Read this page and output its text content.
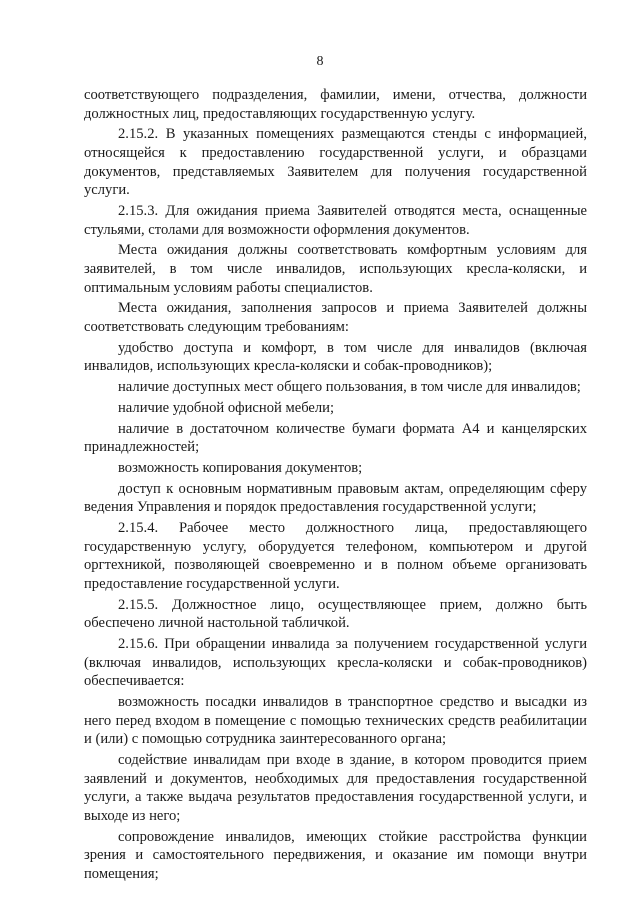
8

соответствующего подразделения, фамилии, имени, отчества, должности должностных лиц, предоставляющих государственную услугу.

2.15.2. В указанных помещениях размещаются стенды с информацией, относящейся к предоставлению государственной услуги, и образцами документов, представляемых Заявителем для получения государственной услуги.

2.15.3. Для ожидания приема Заявителей отводятся места, оснащенные стульями, столами для возможности оформления документов.

Места ожидания должны соответствовать комфортным условиям для заявителей, в том числе инвалидов, использующих кресла-коляски, и оптимальным условиям работы специалистов.

Места ожидания, заполнения запросов и приема Заявителей должны соответствовать следующим требованиям:

удобство доступа и комфорт, в том числе для инвалидов (включая инвалидов, использующих кресла-коляски и собак-проводников);

наличие доступных мест общего пользования, в том числе для инвалидов;

наличие удобной офисной мебели;

наличие в достаточном количестве бумаги формата А4 и канцелярских принадлежностей;

возможность копирования документов;

доступ к основным нормативным правовым актам, определяющим сферу ведения Управления и порядок предоставления государственной услуги;

2.15.4. Рабочее место должностного лица, предоставляющего государственную услугу, оборудуется телефоном, компьютером и другой оргтехникой, позволяющей своевременно и в полном объеме организовать предоставление государственной услуги.

2.15.5. Должностное лицо, осуществляющее прием, должно быть обеспечено личной настольной табличкой.

2.15.6. При обращении инвалида за получением государственной услуги (включая инвалидов, использующих кресла-коляски и собак-проводников) обеспечивается:

возможность посадки инвалидов в транспортное средство и высадки из него перед входом в помещение с помощью технических средств реабилитации и (или) с помощью сотрудника заинтересованного органа;

содействие инвалидам при входе в здание, в котором проводится прием заявлений и документов, необходимых для предоставления государственной услуги, а также выдача результатов предоставления государственной услуги, и выходе из него;

сопровождение инвалидов, имеющих стойкие расстройства функции зрения и самостоятельного передвижения, и оказание им помощи внутри помещения;
